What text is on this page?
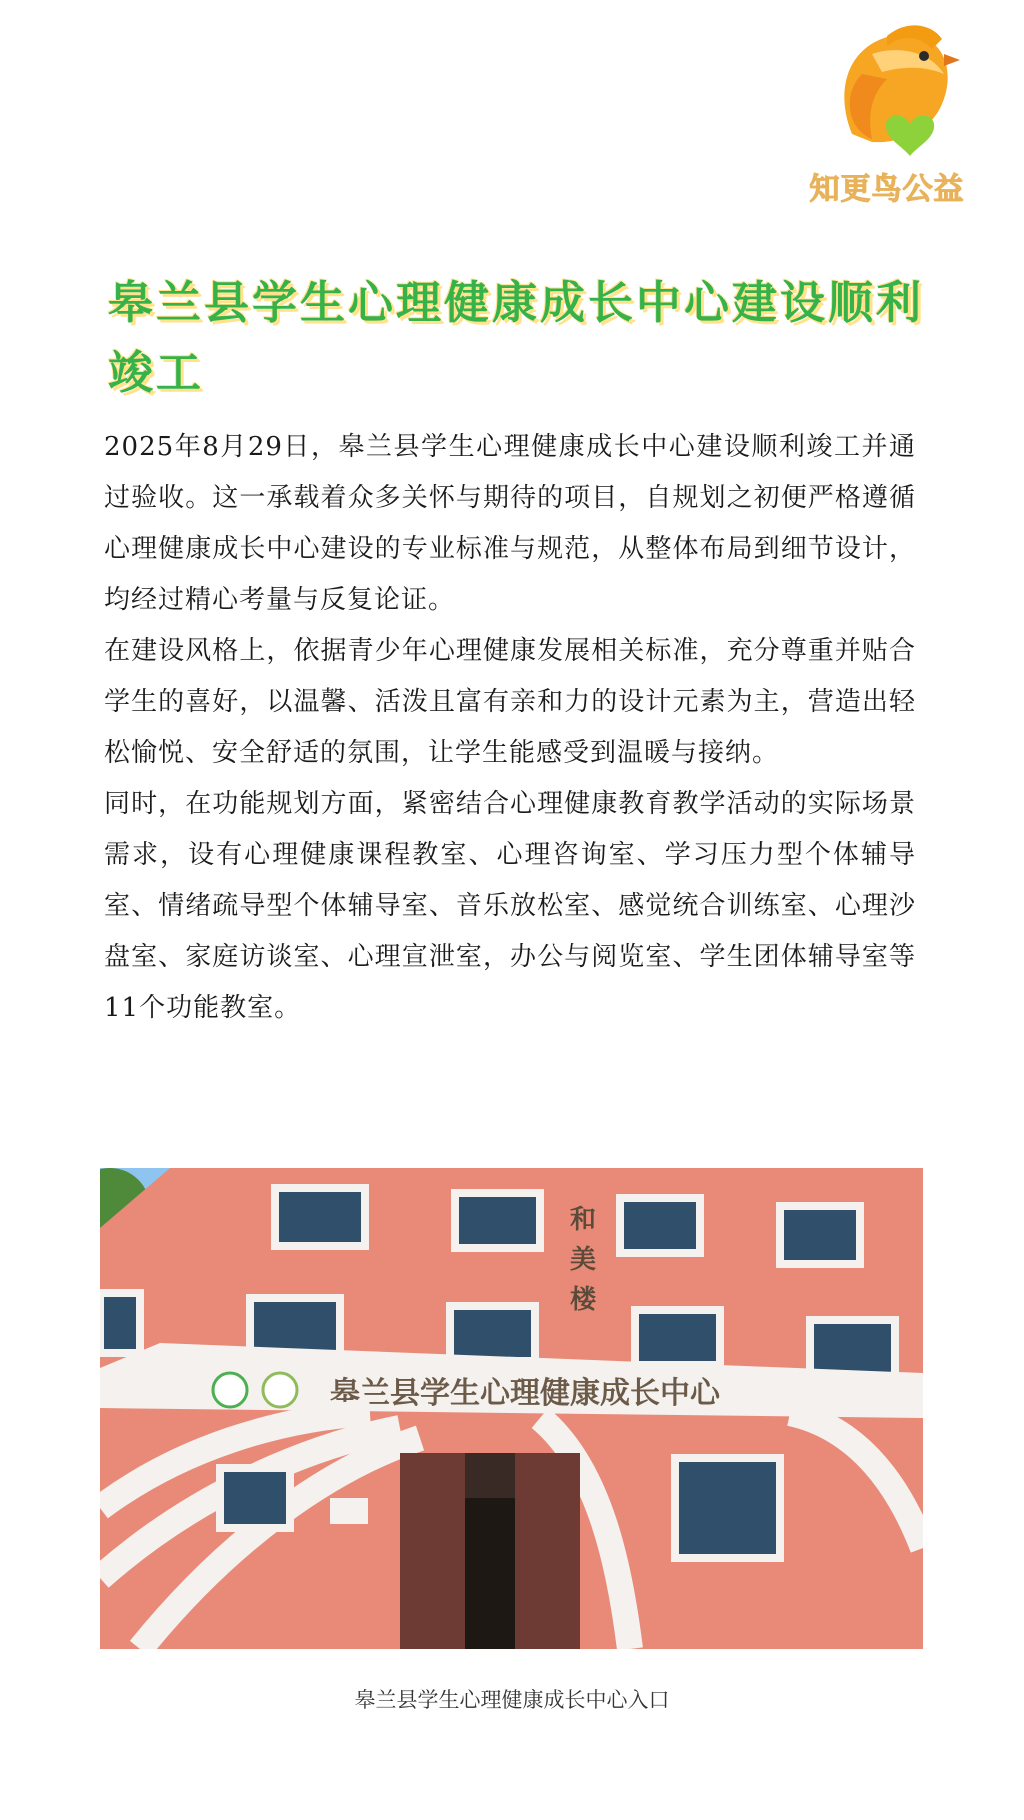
知更鸟公益
皋兰县学生心理健康成长中心建设顺利竣工

2025年8月29日，皋兰县学生心理健康成长中心建设顺利竣工并通过验收。这一承载着众多关怀与期待的项目，自规划之初便严格遵循心理健康成长中心建设的专业标准与规范，从整体布局到细节设计，均经过精心考量与反复论证。

在建设风格上，依据青少年心理健康发展相关标准，充分尊重并贴合学生的喜好，以温馨、活泼且富有亲和力的设计元素为主，营造出轻松愉悦、安全舒适的氛围，让学生能感受到温暖与接纳。

同时，在功能规划方面，紧密结合心理健康教育教学活动的实际场景需求，设有心理健康课程教室、心理咨询室、学习压力型个体辅导室、情绪疏导型个体辅导室、音乐放松室、感觉统合训练室、心理沙盘室、家庭访谈室、心理宣泄室，办公与阅览室、学生团体辅导室等11个功能教室。

和
美
楼
皋兰县学生心理健康成长中心
皋兰县学生心理健康成长中心入口
